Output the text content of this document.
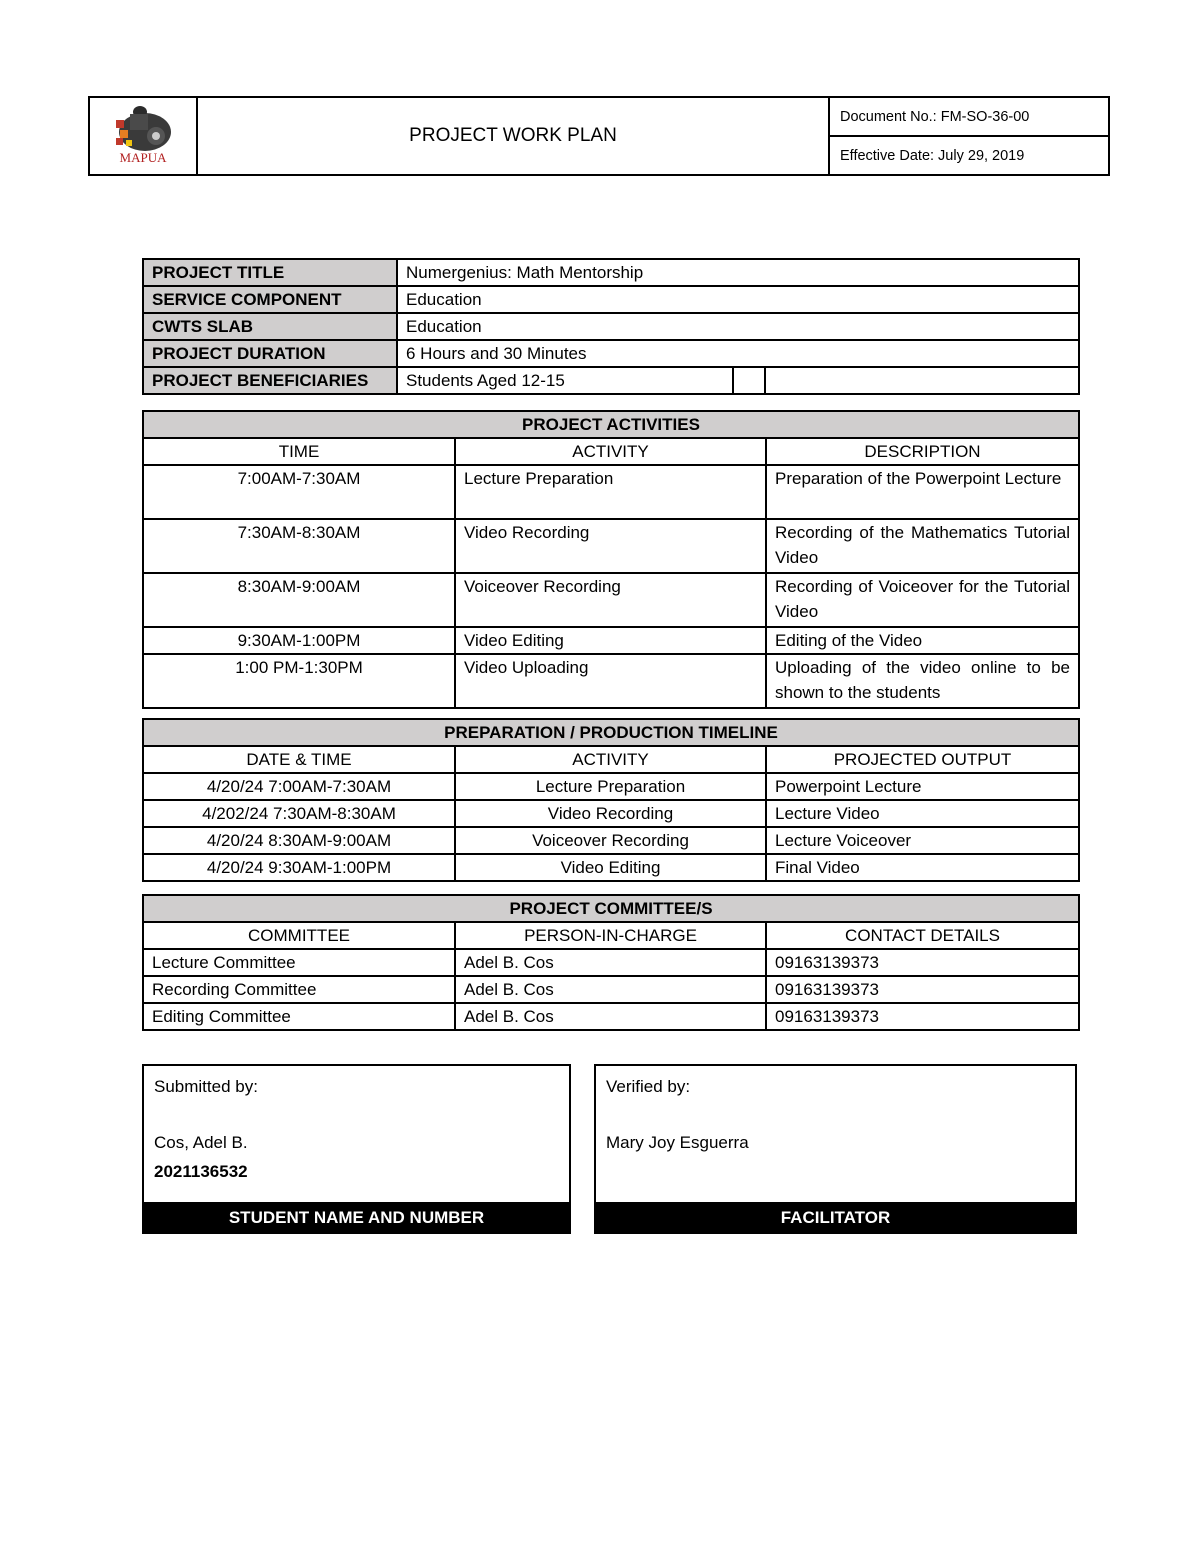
MAPUA
PROJECT WORK PLAN
Document No.: FM-SO-36-00
Effective Date: July 29, 2019
PROJECT TITLE	Numergenius: Math Mentorship		
SERVICE COMPONENT	Education		
CWTS SLAB	Education		
PROJECT DURATION	6 Hours and 30 Minutes		
PROJECT BENEFICIARIES	Students Aged 12-15		
PROJECT ACTIVITIES		
TIME	ACTIVITY	DESCRIPTION
7:00AM-7:30AM	Lecture Preparation	Preparation of the Powerpoint Lecture
7:30AM-8:30AM	Video Recording	Recording of the Mathematics Tutorial Video
8:30AM-9:00AM	Voiceover Recording	Recording of Voiceover for the Tutorial Video
9:30AM-1:00PM	Video Editing	Editing of the Video
1:00 PM-1:30PM	Video Uploading	Uploading of the video online to be shown to the students
PREPARATION / PRODUCTION TIMELINE		
DATE & TIME	ACTIVITY	PROJECTED OUTPUT
4/20/24 7:00AM-7:30AM	Lecture Preparation	Powerpoint Lecture
4/202/24 7:30AM-8:30AM	Video Recording	Lecture Video
4/20/24 8:30AM-9:00AM	Voiceover Recording	Lecture Voiceover
4/20/24 9:30AM-1:00PM	Video Editing	Final Video
PROJECT COMMITTEE/S		
COMMITTEE	PERSON-IN-CHARGE	CONTACT DETAILS
Lecture Committee	Adel B. Cos	09163139373
Recording Committee	Adel B. Cos	09163139373
Editing Committee	Adel B. Cos	09163139373
Submitted by:
Cos, Adel B.
2021136532
STUDENT NAME AND NUMBER
Verified by:
Mary Joy Esguerra
FACILITATOR
